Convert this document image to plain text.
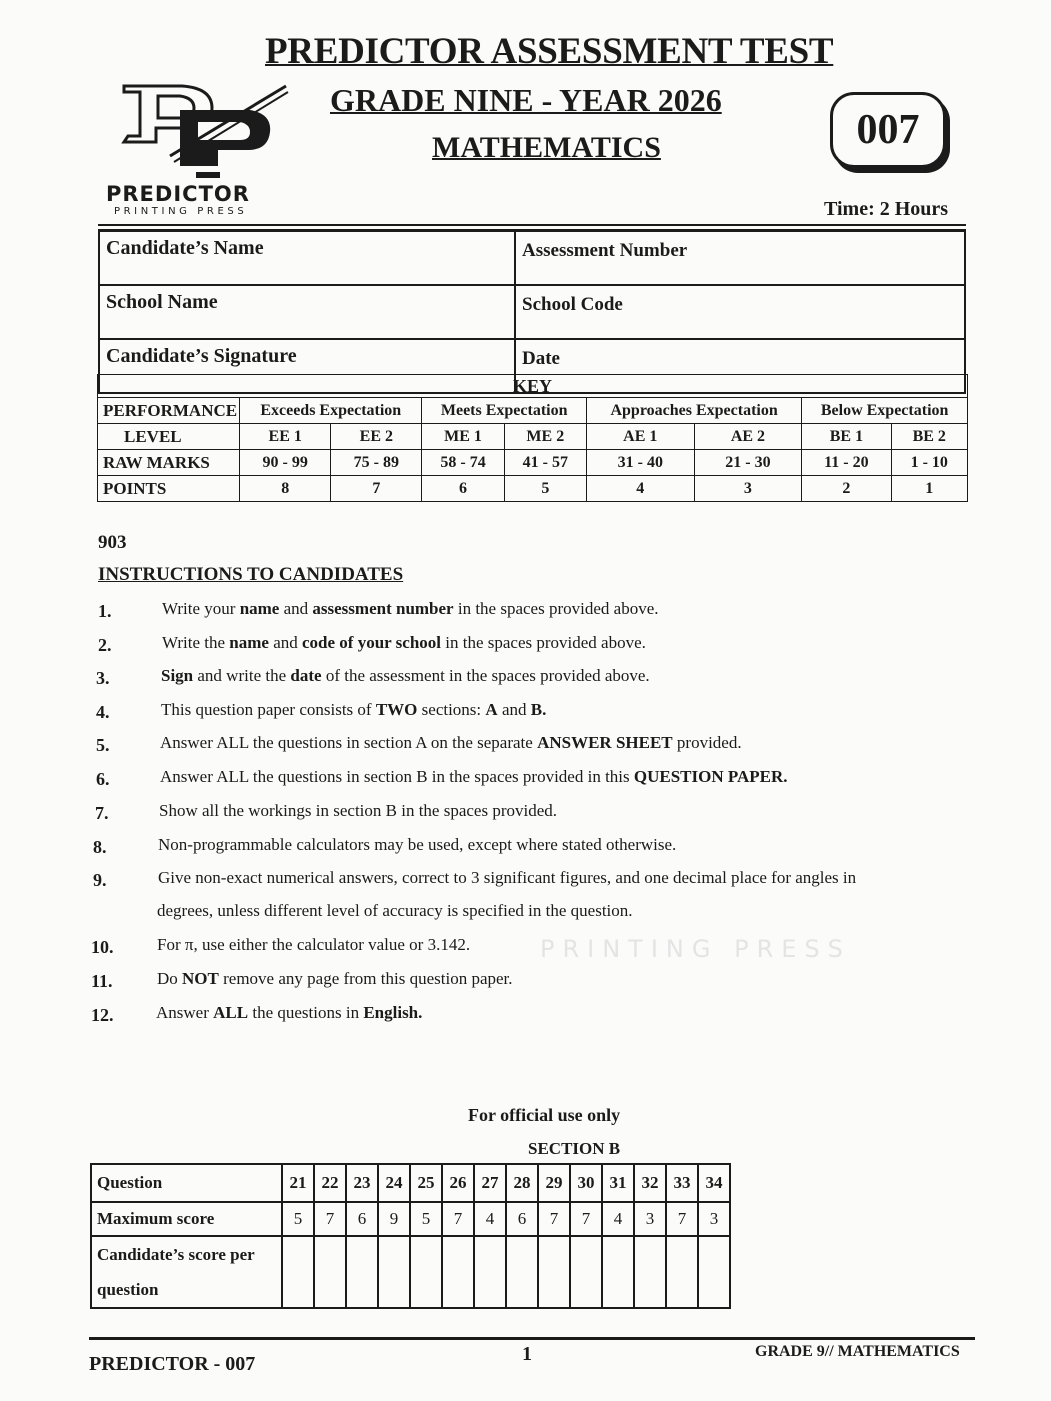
PREDICTOR ASSESSMENT TEST
GRADE NINE - YEAR 2026
MATHEMATICS	007
Time: 2 Hours
PREDICTOR
PRINTING PRESS
Candidate’s Name	Assessment Number
School Name	School Code
Candidate’s Signature	Date
KEY								
PERFORMANCE	Exceeds Expectation		Meets Expectation		Approaches Expectation		Below Expectation	
LEVEL	EE 1	EE 2	ME 1	ME 2	AE 1	AE 2	BE 1	BE 2
RAW MARKS	90 - 99	75 - 89	58 - 74	41 - 57	31 - 40	21 - 30	11 - 20	1 - 10
POINTS	8	7	6	5	4	3	2	1
903
INSTRUCTIONS TO CANDIDATES
1.	Write your name and assessment number in the spaces provided above.
2.	Write the name and code of your school in the spaces provided above.
3.	Sign and write the date of the assessment in the spaces provided above.
4.	This question paper consists of TWO sections: A and B.
5.	Answer ALL the questions in section A on the separate ANSWER SHEET provided.
6.	Answer ALL the questions in section B in the spaces provided in this QUESTION PAPER.
7.	Show all the workings in section B in the spaces provided.
8.	Non-programmable calculators may be used, except where stated otherwise.
9.	Give non-exact numerical answers, correct to 3 significant figures, and one decimal place for angles in
degrees, unless different level of accuracy is specified in the question.
10.	For π, use either the calculator value or 3.142.
11.	Do NOT remove any page from this question paper.
12.	Answer ALL the questions in English.
PRINTING PRESS
For official use only
SECTION B
Question	21	22	23	24	25	26	27	28	29	30	31	32	33	34
Maximum score	5	7	6	9	5	7	4	6	7	7	4	3	7	3
Candidate’s score per question														
PREDICTOR - 007	1	GRADE 9// MATHEMATICS
